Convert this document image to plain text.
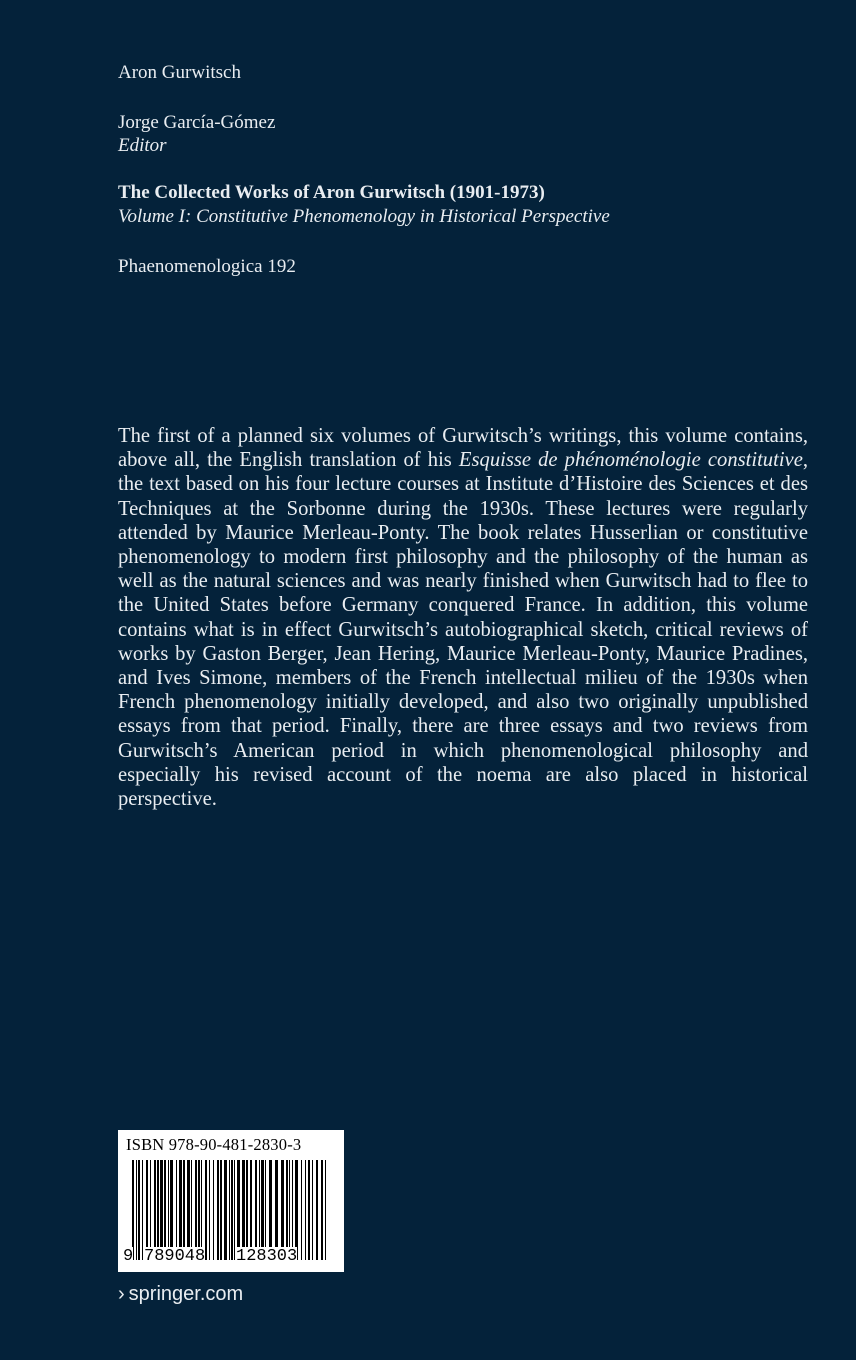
Aron Gurwitsch
Jorge García-Gómez
Editor
The Collected Works of Aron Gurwitsch (1901-1973)
Volume I: Constitutive Phenomenology in Historical Perspective
Phaenomenologica 192
The first of a planned six volumes of Gurwitsch’s writings, this volume contains, above all, the English translation of his Esquisse de phénoménologie constitutive, the text based on his four lecture courses at Institute d’Histoire des Sciences et des Techniques at the Sorbonne during the 1930s. These lectures were regularly attended by Maurice Merleau-Ponty. The book relates Husserlian or constitutive phenomenology to modern first philosophy and the philosophy of the human as well as the natural sciences and was nearly finished when Gurwitsch had to flee to the United States before Germany conquered France. In addition, this volume contains what is in effect Gurwitsch’s autobiographical sketch, critical reviews of works by Gaston Berger, Jean Hering, Maurice Merleau-Ponty, Maurice Pradines, and Ives Simone, members of the French intellectual milieu of the 1930s when French phenomenology initially developed, and also two originally unpublished essays from that period. Finally, there are three essays and two reviews from Gurwitsch’s American period in which phenomenological philosophy and especially his revised account of the noema are also placed in historical perspective.
ISBN 978-90-481-2830-3
9 789048 128303
› springer.com
